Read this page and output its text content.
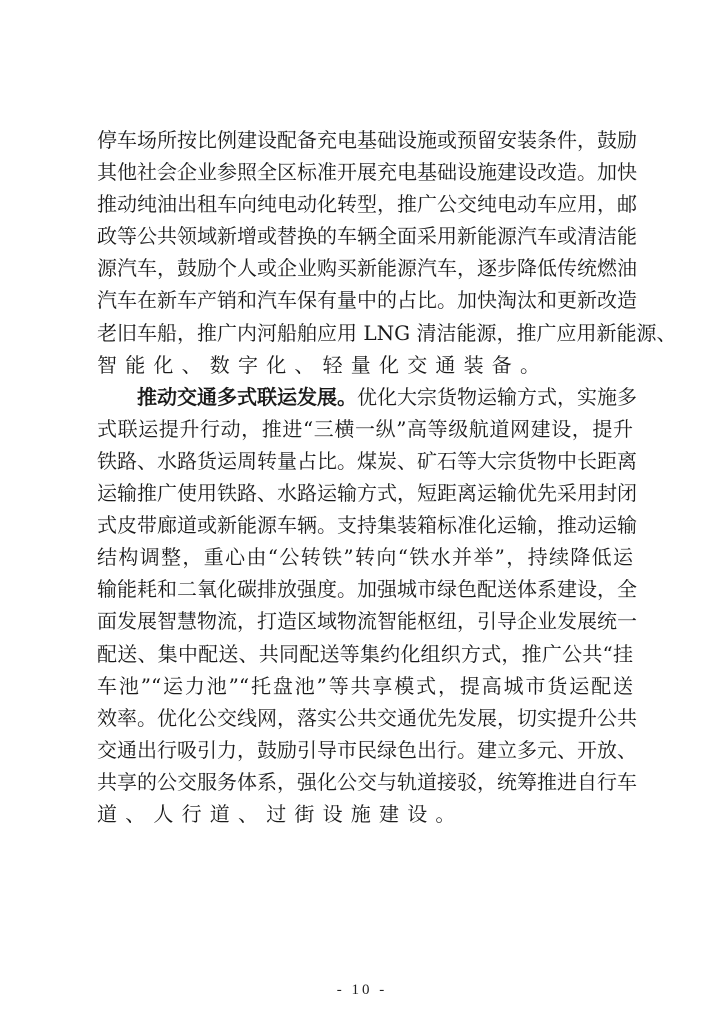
停车场所按比例建设配备充电基础设施或预留安装条件，鼓励
其他社会企业参照全区标准开展充电基础设施建设改造。加快
推动纯油出租车向纯电动化转型，推广公交纯电动车应用，邮
政等公共领域新增或替换的车辆全面采用新能源汽车或清洁能
源汽车，鼓励个人或企业购买新能源汽车，逐步降低传统燃油
汽车在新车产销和汽车保有量中的占比。加快淘汰和更新改造
老旧车船，推广内河船舶应用 LNG 清洁能源，推广应用新能源、
智能化、数字化、轻量化交通装备。
推动交通多式联运发展。优化大宗货物运输方式，实施多
式联运提升行动，推进“三横一纵”高等级航道网建设，提升
铁路、水路货运周转量占比。煤炭、矿石等大宗货物中长距离
运输推广使用铁路、水路运输方式，短距离运输优先采用封闭
式皮带廊道或新能源车辆。支持集装箱标准化运输，推动运输
结构调整，重心由“公转铁”转向“铁水并举”，持续降低运
输能耗和二氧化碳排放强度。加强城市绿色配送体系建设，全
面发展智慧物流，打造区域物流智能枢纽，引导企业发展统一
配送、集中配送、共同配送等集约化组织方式，推广公共“挂
车池”“运力池”“托盘池”等共享模式，提高城市货运配送
效率。优化公交线网，落实公共交通优先发展，切实提升公共
交通出行吸引力，鼓励引导市民绿色出行。建立多元、开放、
共享的公交服务体系，强化公交与轨道接驳，统筹推进自行车
道、人行道、过街设施建设。
- 10 -
